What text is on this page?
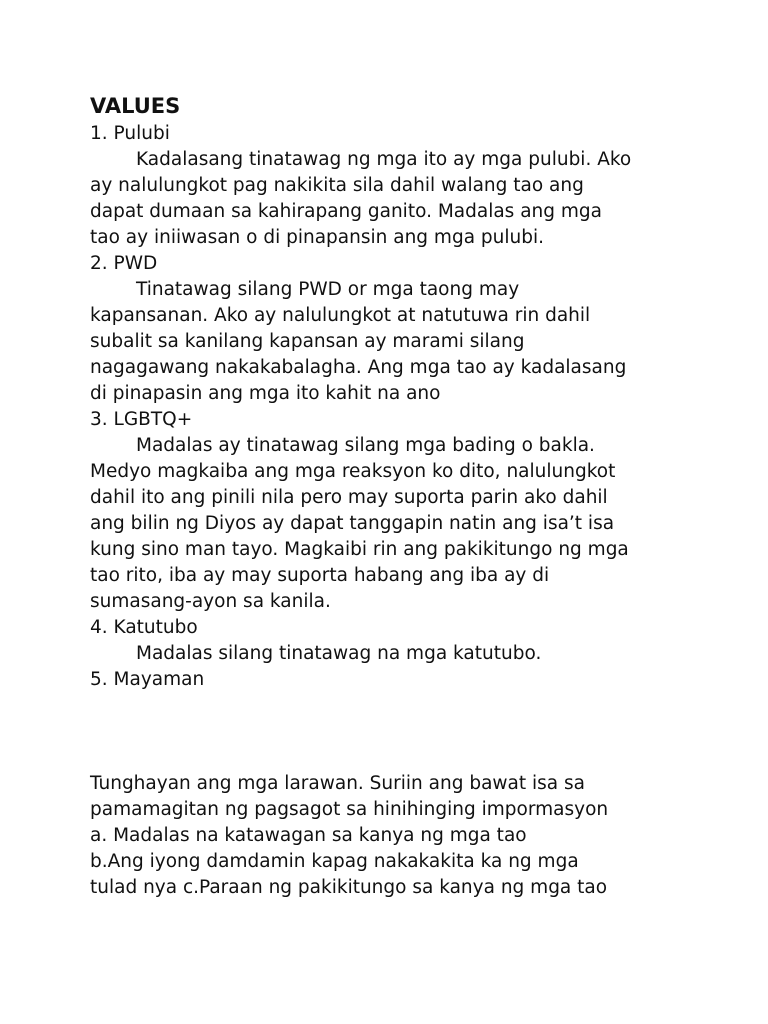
VALUES

1. Pulubi

Kadalasang tinatawag ng mga ito ay mga pulubi. Ako

ay nalulungkot pag nakikita sila dahil walang tao ang

dapat dumaan sa kahirapang ganito. Madalas ang mga

tao ay iniiwasan o di pinapansin ang mga pulubi.

2. PWD

Tinatawag silang PWD or mga taong may

kapansanan. Ako ay nalulungkot at natutuwa rin dahil

subalit sa kanilang kapansan ay marami silang

nagagawang nakakabalagha. Ang mga tao ay kadalasang

di pinapasin ang mga ito kahit na ano

3. LGBTQ+

Madalas ay tinatawag silang mga bading o bakla.

Medyo magkaiba ang mga reaksyon ko dito, nalulungkot

dahil ito ang pinili nila pero may suporta parin ako dahil

ang bilin ng Diyos ay dapat tanggapin natin ang isa’t isa

kung sino man tayo. Magkaibi rin ang pakikitungo ng mga

tao rito, iba ay may suporta habang ang iba ay di

sumasang-ayon sa kanila.

4. Katutubo

Madalas silang tinatawag na mga katutubo.

5. Mayaman

Tunghayan ang mga larawan. Suriin ang bawat isa sa

pamamagitan ng pagsagot sa hinihinging impormasyon

a. Madalas na katawagan sa kanya ng mga tao

b.Ang iyong damdamin kapag nakakakita ka ng mga

tulad nya c.Paraan ng pakikitungo sa kanya ng mga tao
